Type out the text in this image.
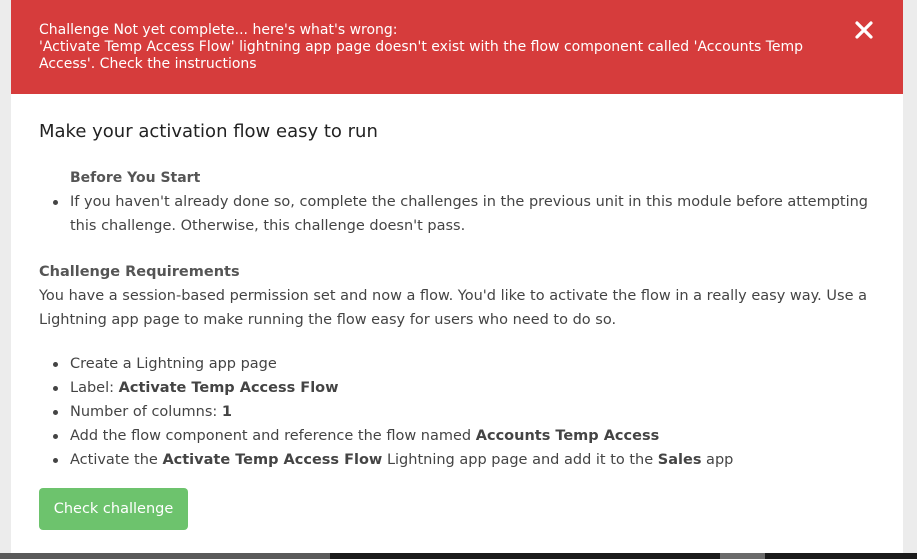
Challenge Not yet complete... here's what's wrong:
'Activate Temp Access Flow' lightning app page doesn't exist with the flow component called 'Accounts Temp
Access'. Check the instructions
Make your activation flow easy to run
Before You Start
If you haven't already done so, complete the challenges in the previous unit in this module before attempting this challenge. Otherwise, this challenge doesn't pass.
Challenge Requirements

You have a session-based permission set and now a flow. You'd like to activate the flow in a really easy way. Use a Lightning app page to make running the flow easy for users who need to do so.

Create a Lightning app page
Label: Activate Temp Access Flow
Number of columns: 1
Add the flow component and reference the flow named Accounts Temp Access
Activate the Activate Temp Access Flow Lightning app page and add it to the Sales app
Check challenge
